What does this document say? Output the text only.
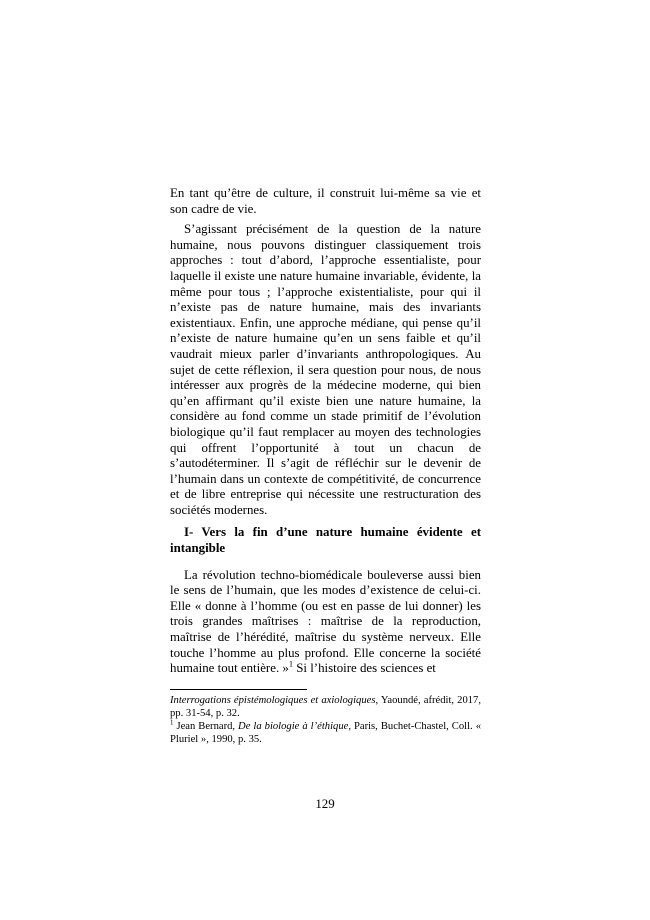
En tant qu’être de culture, il construit lui-même sa vie et son cadre de vie.

S’agissant précisément de la question de la nature humaine, nous pouvons distinguer classiquement trois approches : tout d’abord, l’approche essentialiste, pour laquelle il existe une nature humaine invariable, évidente, la même pour tous ; l’approche existentialiste, pour qui il n’existe pas de nature humaine, mais des invariants existentiaux. Enfin, une approche médiane, qui pense qu’il n’existe de nature humaine qu’en un sens faible et qu’il vaudrait mieux parler d’invariants anthropologiques. Au sujet de cette réflexion, il sera question pour nous, de nous intéresser aux progrès de la médecine moderne, qui bien qu’en affirmant qu’il existe bien une nature humaine, la considère au fond comme un stade primitif de l’évolution biologique qu’il faut remplacer au moyen des technologies qui offrent l’opportunité à tout un chacun de s’autodéterminer. Il s’agit de réfléchir sur le devenir de l’humain dans un contexte de compétitivité, de concurrence et de libre entreprise qui nécessite une restructuration des sociétés modernes.

I- Vers la fin d’une nature humaine évidente et intangible

La révolution techno-biomédicale bouleverse aussi bien le sens de l’humain, que les modes d’existence de celui-ci. Elle « donne à l’homme (ou est en passe de lui donner) les trois grandes maîtrises : maîtrise de la reproduction, maîtrise de l’hérédité, maîtrise du système nerveux. Elle touche l’homme au plus profond. Elle concerne la société humaine tout entière. »$^1$ Si l’histoire des sciences et

Interrogations épistémologiques et axiologiques, Yaoundé, afrédit, 2017, pp. 31-54, p. 32.

$^1$ Jean Bernard, De la biologie à l’éthique, Paris, Buchet-Chastel, Coll. « Pluriel », 1990, p. 35.

129
